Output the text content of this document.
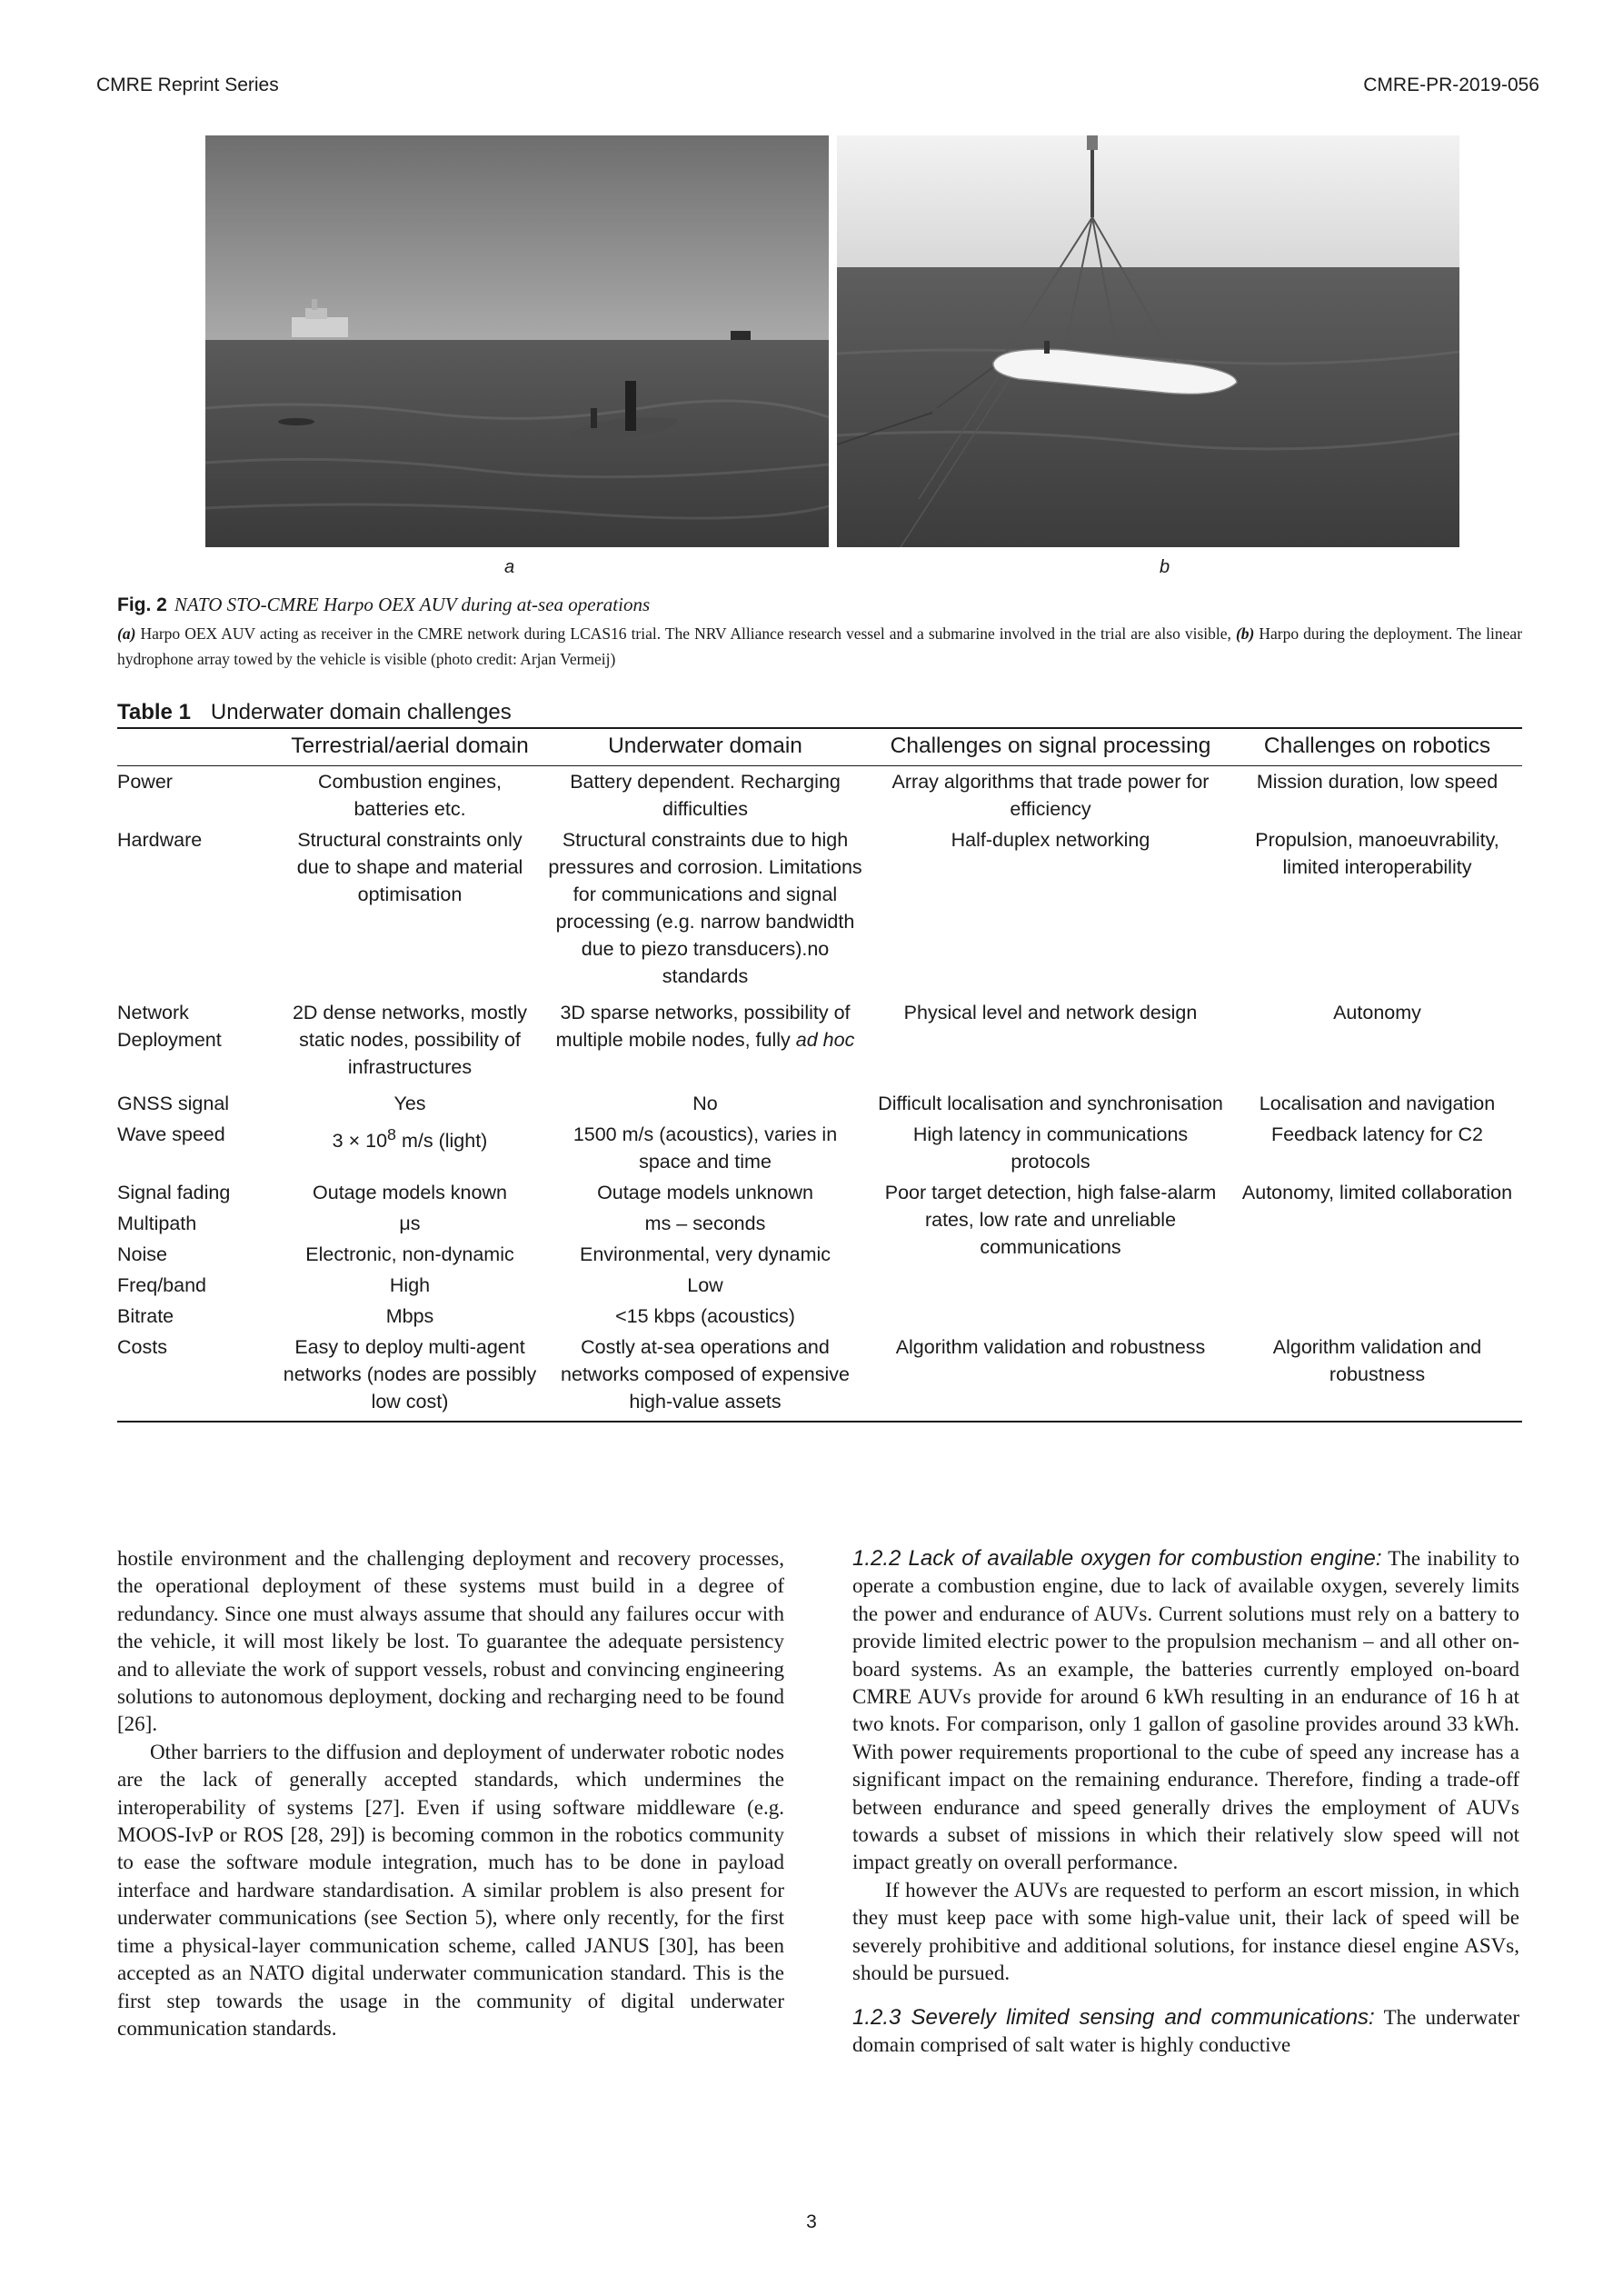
CMRE Reprint Series	CMRE-PR-2019-056
a	b
Fig. 2 NATO STO-CMRE Harpo OEX AUV during at-sea operations
(a) Harpo OEX AUV acting as receiver in the CMRE network during LCAS16 trial. The NRV Alliance research vessel and a submarine involved in the trial are also visible, (b) Harpo during the deployment. The linear hydrophone array towed by the vehicle is visible (photo credit: Arjan Vermeij)
Table 1 Underwater domain challenges
	Terrestrial/aerial domain	Underwater domain	Challenges on signal processing	Challenges on robotics
Power	Combustion engines, batteries etc.	Battery dependent. Recharging difficulties	Array algorithms that trade power for efficiency	Mission duration, low speed
Hardware	Structural constraints only due to shape and material optimisation	Structural constraints due to high pressures and corrosion. Limitations for communications and signal processing (e.g. narrow bandwidth due to piezo transducers).no standards	Half-duplex networking	Propulsion, manoeuvrability, limited interoperability
Network Deployment	2D dense networks, mostly static nodes, possibility of infrastructures	3D sparse networks, possibility of multiple mobile nodes, fully ad hoc	Physical level and network design	Autonomy
GNSS signal	Yes	No	Difficult localisation and synchronisation	Localisation and navigation
Wave speed	$3 \times 10^8$ m/s (light)	1500 m/s (acoustics), varies in space and time	High latency in communications protocols	Feedback latency for C2
Signal fading	Outage models known	Outage models unknown	Poor target detection, high false-alarm rates, low rate and unreliable communications	Autonomy, limited collaboration
Multipath	μs	ms – seconds		
Noise	Electronic, non-dynamic	Environmental, very dynamic		
Freq/band	High	Low		
Bitrate	Mbps	<15 kbps (acoustics)		
Costs	Easy to deploy multi-agent networks (nodes are possibly low cost)	Costly at-sea operations and networks composed of expensive high-value assets	Algorithm validation and robustness	Algorithm validation and robustness

hostile environment and the challenging deployment and recovery processes, the operational deployment of these systems must build in a degree of redundancy. Since one must always assume that should any failures occur with the vehicle, it will most likely be lost. To guarantee the adequate persistency and to alleviate the work of support vessels, robust and convincing engineering solutions to autonomous deployment, docking and recharging need to be found [26].

Other barriers to the diffusion and deployment of underwater robotic nodes are the lack of generally accepted standards, which undermines the interoperability of systems [27]. Even if using software middleware (e.g. MOOS-IvP or ROS [28, 29]) is becoming common in the robotics community to ease the software module integration, much has to be done in payload interface and hardware standardisation. A similar problem is also present for underwater communications (see Section 5), where only recently, for the first time a physical-layer communication scheme, called JANUS [30], has been accepted as an NATO digital underwater communication standard. This is the first step towards the usage in the community of digital underwater communication standards.

1.2.2 Lack of available oxygen for combustion engine: The inability to operate a combustion engine, due to lack of available oxygen, severely limits the power and endurance of AUVs. Current solutions must rely on a battery to provide limited electric power to the propulsion mechanism – and all other on-board systems. As an example, the batteries currently employed on-board CMRE AUVs provide for around 6 kWh resulting in an endurance of 16 h at two knots. For comparison, only 1 gallon of gasoline provides around 33 kWh. With power requirements proportional to the cube of speed any increase has a significant impact on the remaining endurance. Therefore, finding a trade-off between endurance and speed generally drives the employment of AUVs towards a subset of missions in which their relatively slow speed will not impact greatly on overall performance.

If however the AUVs are requested to perform an escort mission, in which they must keep pace with some high-value unit, their lack of speed will be severely prohibitive and additional solutions, for instance diesel engine ASVs, should be pursued.

1.2.3 Severely limited sensing and communications: The underwater domain comprised of salt water is highly conductive

3
